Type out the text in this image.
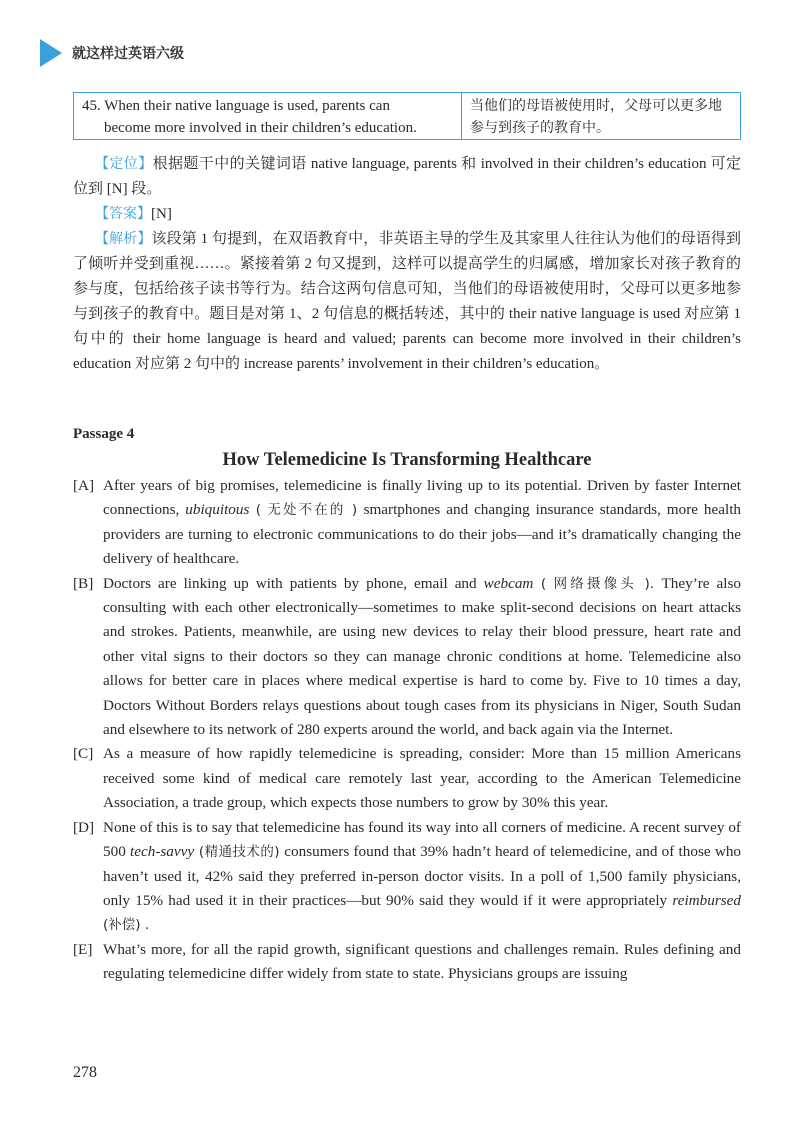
就这样过英语六级
45. When their native language is used, parents can
become more involved in their children’s education.
当他们的母语被使用时，父母可以更多地参与到孩子的教育中。

【定位】根据题干中的关键词语 native language, parents 和 involved in their children’s education 可定位到 [N] 段。

【答案】[N]

【解析】该段第 1 句提到，在双语教育中，非英语主导的学生及其家里人往往认为他们的母语得到了倾听并受到重视……。紧接着第 2 句又提到，这样可以提高学生的归属感，增加家长对孩子教育的参与度，包括给孩子读书等行为。结合这两句信息可知，当他们的母语被使用时，父母可以更多地参与到孩子的教育中。题目是对第 1、2 句信息的概括转述，其中的 their native language is used 对应第 1 句中的 their home language is heard and valued; parents can become more involved in their children’s education 对应第 2 句中的 increase parents’ involvement in their children’s education。

Passage 4
How Telemedicine Is Transforming Healthcare
[A] After years of big promises, telemedicine is finally living up to its potential. Driven by faster Internet connections, ubiquitous ( 无处不在的 ) smartphones and changing insurance standards, more health providers are turning to electronic communications to do their jobs—and it’s dramatically changing the delivery of healthcare.
[B] Doctors are linking up with patients by phone, email and webcam ( 网络摄像头 ). They’re also consulting with each other electronically—sometimes to make split-second decisions on heart attacks and strokes. Patients, meanwhile, are using new devices to relay their blood pressure, heart rate and other vital signs to their doctors so they can manage chronic conditions at home. Telemedicine also allows for better care in places where medical expertise is hard to come by. Five to 10 times a day, Doctors Without Borders relays questions about tough cases from its physicians in Niger, South Sudan and elsewhere to its network of 280 experts around the world, and back again via the Internet.
[C] As a measure of how rapidly telemedicine is spreading, consider: More than 15 million Americans received some kind of medical care remotely last year, according to the American Telemedicine Association, a trade group, which expects those numbers to grow by 30% this year.
[D] None of this is to say that telemedicine has found its way into all corners of medicine. A recent survey of 500 tech-savvy (精通技术的) consumers found that 39% hadn’t heard of telemedicine, and of those who haven’t used it, 42% said they preferred in-person doctor visits. In a poll of 1,500 family physicians, only 15% had used it in their practices—but 90% said they would if it were appropriately reimbursed (补偿) .
[E] What’s more, for all the rapid growth, significant questions and challenges remain. Rules defining and regulating telemedicine differ widely from state to state. Physicians groups are issuing
278
